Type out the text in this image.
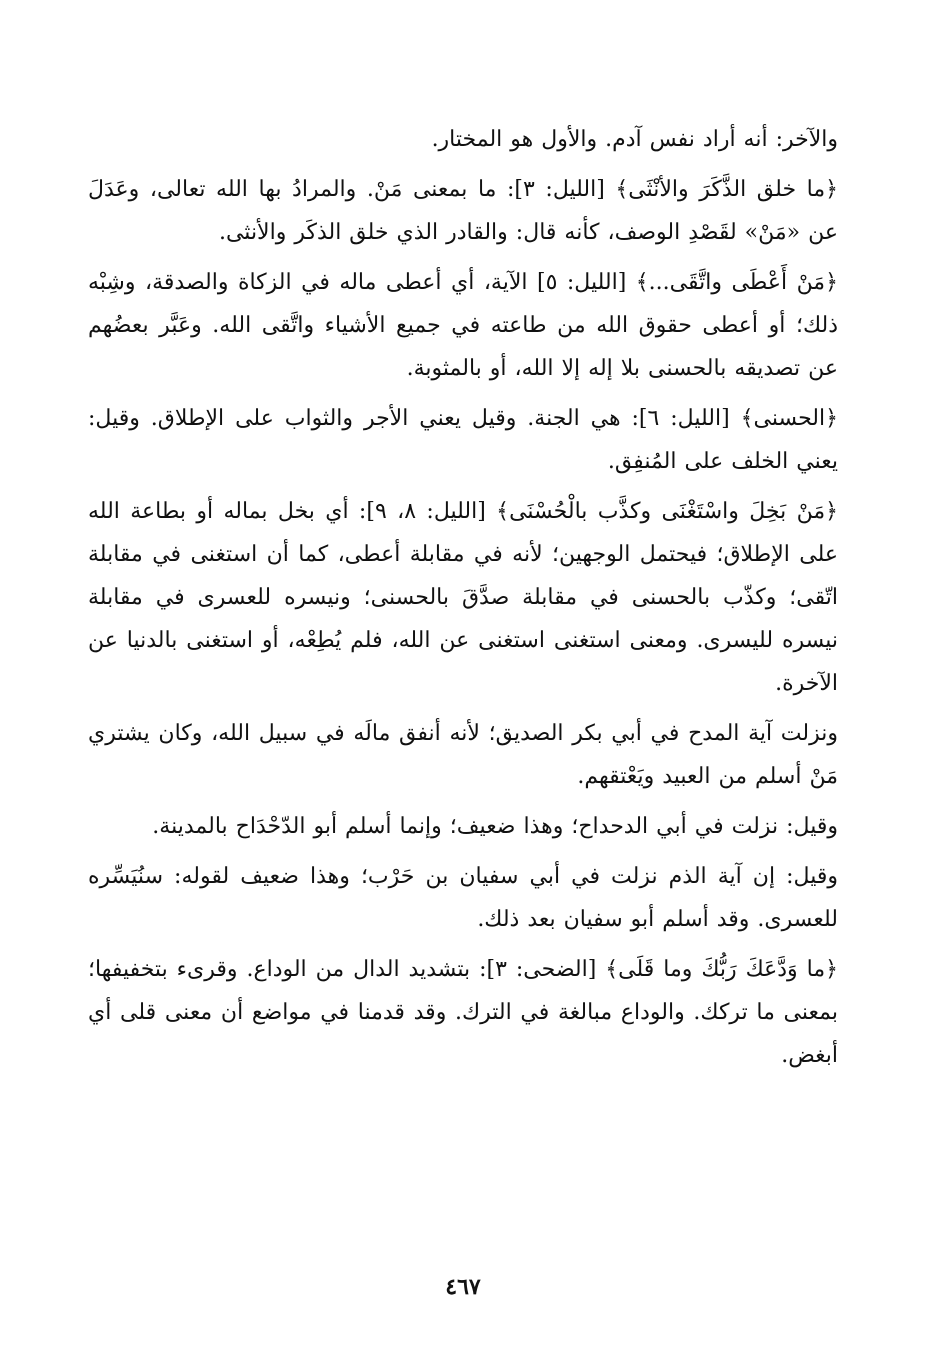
والآخر: أنه أراد نفس آدم. والأول هو المختار.

﴿ما خلق الذَّكَرَ والأنْثَى﴾ [الليل: ٣]: ما بمعنى مَنْ. والمرادُ بها الله تعالى، وعَدَلَ عن «مَنْ» لقَصْدِ الوصف، كأنه قال: والقادر الذي خلق الذكَر والأنثى.

﴿مَنْ أَعْطَى واتَّقَى...﴾ [الليل: ٥] الآية، أي أعطى ماله في الزكاة والصدقة، وشِبْه ذلك؛ أو أعطى حقوق الله من طاعته في جميع الأشياء واتَّقى الله. وعَبَّر بعضُهم عن تصديقه بالحسنى بلا إله إلا الله، أو بالمثوبة.

﴿الحسنى﴾ [الليل: ٦]: هي الجنة. وقيل يعني الأجر والثواب على الإطلاق. وقيل: يعني الخلف على المُنفِق.

﴿مَنْ بَخِلَ واسْتَغْنَى وكذَّب بالْحُسْنَى﴾ [الليل: ٨، ٩]: أي بخل بماله أو بطاعة الله على الإطلاق؛ فيحتمل الوجهين؛ لأنه في مقابلة أعطى، كما أن استغنى في مقابلة اتّقى؛ وكذّب بالحسنى في مقابلة صدَّقَ بالحسنى؛ ونيسره للعسرى في مقابلة نيسره لليسرى. ومعنى استغنى استغنى عن الله، فلم يُطِعْه، أو استغنى بالدنيا عن الآخرة.

ونزلت آية المدح في أبي بكر الصديق؛ لأنه أنفق مالَه في سبيل الله، وكان يشتري مَنْ أسلم من العبيد ويَعْتقهم.

وقيل: نزلت في أبي الدحداح؛ وهذا ضعيف؛ وإنما أسلم أبو الدّحْدَاح بالمدينة.

وقيل: إن آية الذم نزلت في أبي سفيان بن حَرْب؛ وهذا ضعيف لقوله: سنُيَسِّره للعسرى. وقد أسلم أبو سفيان بعد ذلك.

﴿ما وَدَّعَكَ رَبُّكَ وما قَلَى﴾ [الضحى: ٣]: بتشديد الدال من الوداع. وقرىء بتخفيفها؛ بمعنى ما تركك. والوداع مبالغة في الترك. وقد قدمنا في مواضع أن معنى قلى أي أبغض.

٤٦٧
